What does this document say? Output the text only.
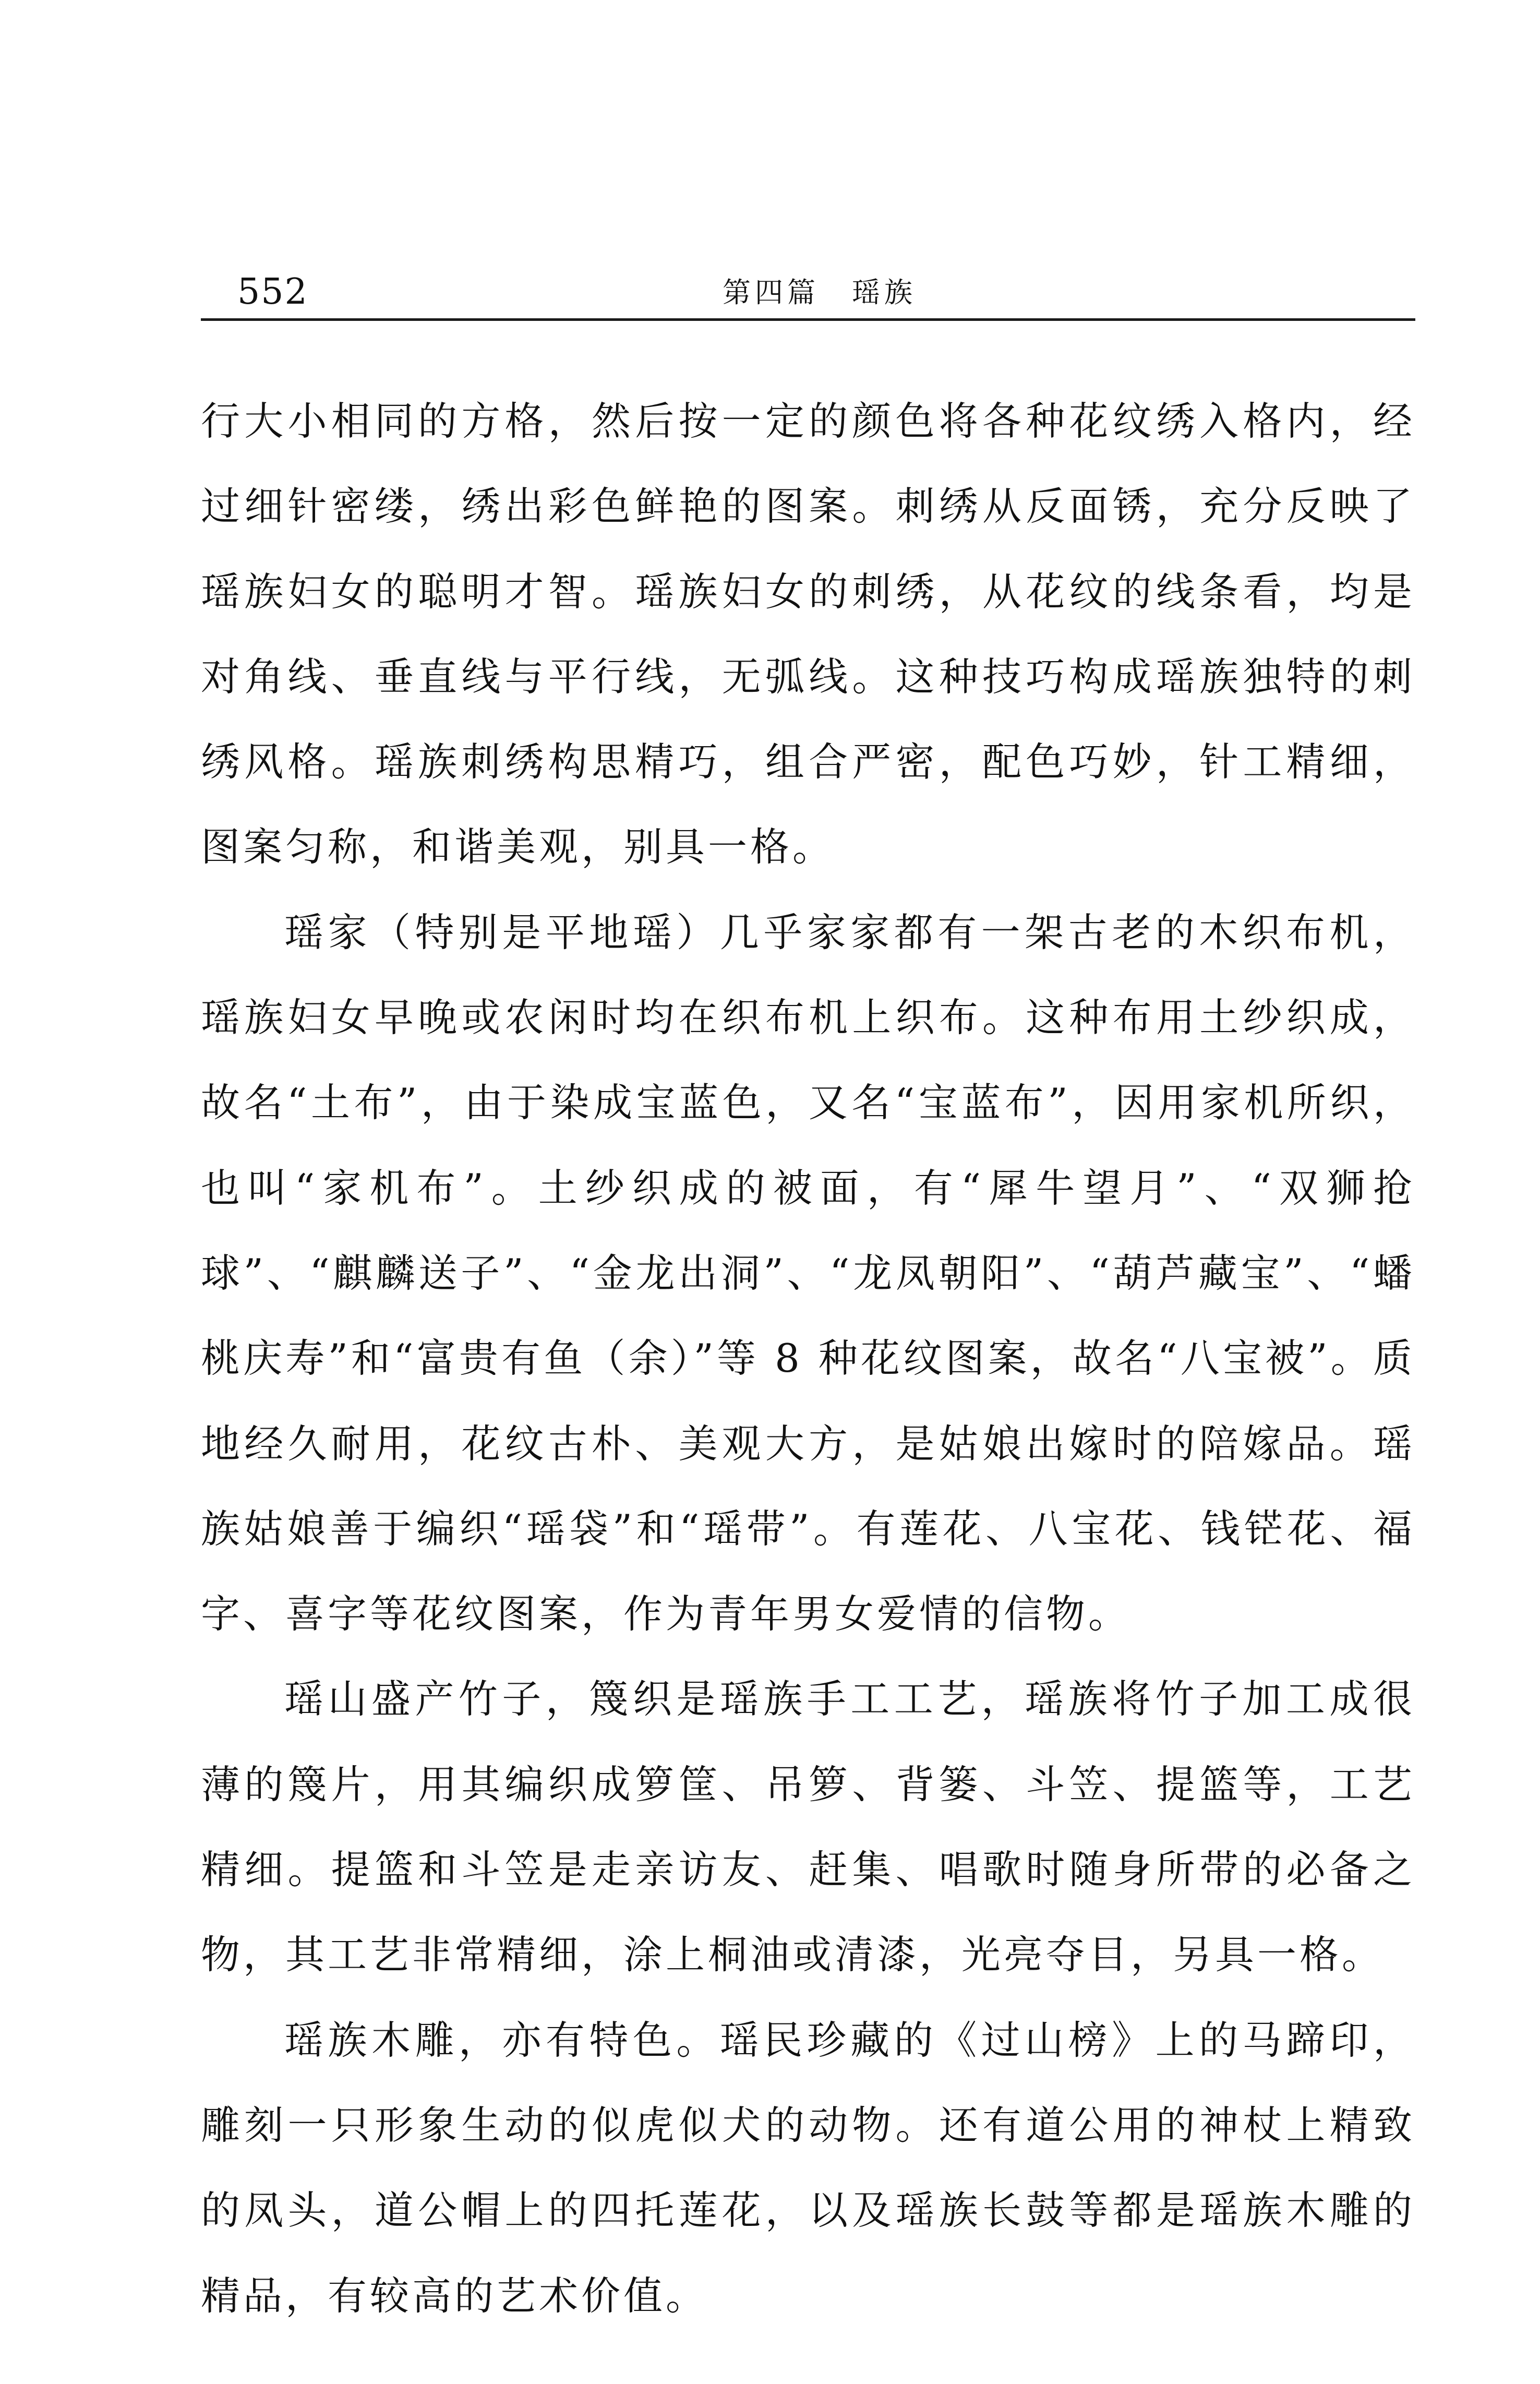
552	第四篇　瑶族

行大小相同的方格，然后按一定的颜色将各种花纹绣入格内，经过细针密缕，绣出彩色鲜艳的图案。刺绣从反面锈，充分反映了瑶族妇女的聪明才智。瑶族妇女的刺绣，从花纹的线条看，均是对角线、垂直线与平行线，无弧线。这种技巧构成瑶族独特的刺绣风格。瑶族刺绣构思精巧，组合严密，配色巧妙，针工精细，图案匀称，和谐美观，别具一格。

瑶家（特别是平地瑶）几乎家家都有一架古老的木织布机，瑶族妇女早晚或农闲时均在织布机上织布。这种布用土纱织成，故名“土布”，由于染成宝蓝色，又名“宝蓝布”，因用家机所织，也叫“家机布”。土纱织成的被面，有“犀牛望月”、“双狮抢球”、“麒麟送子”、“金龙出洞”、“龙凤朝阳”、“葫芦藏宝”、“蟠桃庆寿”和“富贵有鱼（余）”等 8 种花纹图案，故名“八宝被”。质地经久耐用，花纹古朴、美观大方，是姑娘出嫁时的陪嫁品。瑶族姑娘善于编织“瑶袋”和“瑶带”。有莲花、八宝花、钱铓花、福字、喜字等花纹图案，作为青年男女爱情的信物。

瑶山盛产竹子，篾织是瑶族手工工艺，瑶族将竹子加工成很薄的篾片，用其编织成箩筐、吊箩、背篓、斗笠、提篮等，工艺精细。提篮和斗笠是走亲访友、赶集、唱歌时随身所带的必备之物，其工艺非常精细，涂上桐油或清漆，光亮夺目，另具一格。

瑶族木雕，亦有特色。瑶民珍藏的《过山榜》上的马蹄印，雕刻一只形象生动的似虎似犬的动物。还有道公用的神杖上精致的凤头，道公帽上的四托莲花，以及瑶族长鼓等都是瑶族木雕的精品，有较高的艺术价值。
